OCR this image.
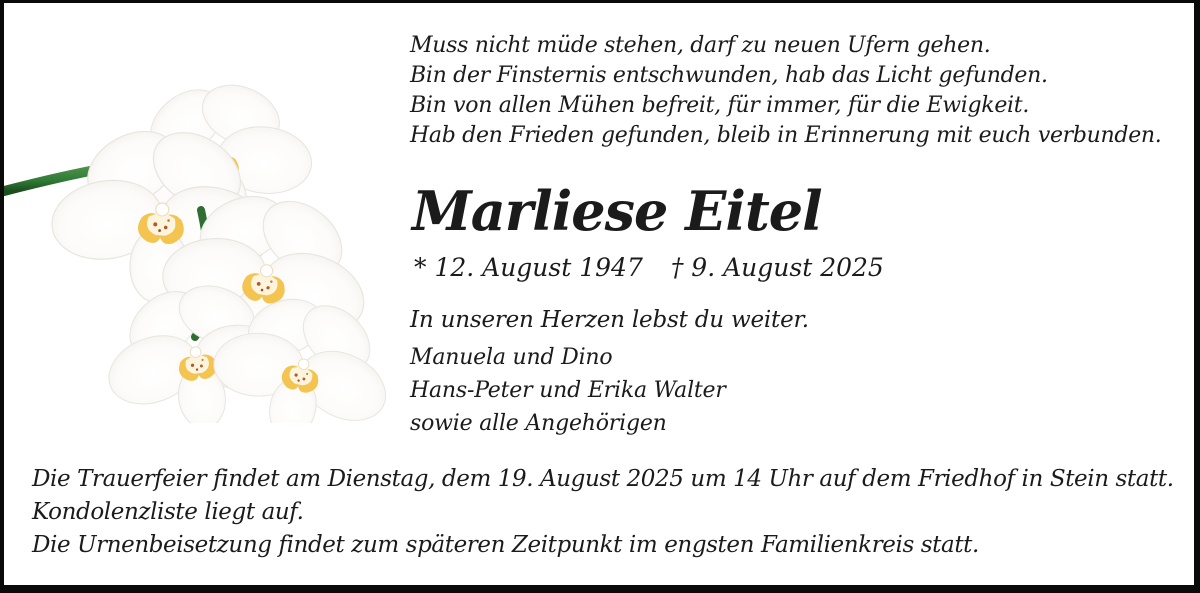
Muss nicht müde stehen, darf zu neuen Ufern gehen.
Bin der Finsternis entschwunden, hab das Licht gefunden.
Bin von allen Mühen befreit, für immer, für die Ewigkeit.
Hab den Frieden gefunden, bleib in Erinnerung mit euch verbunden.
Marliese Eitel
* 12. August 1947 † 9. August 2025
In unseren Herzen lebst du weiter.
Manuela und Dino
Hans-Peter und Erika Walter
sowie alle Angehörigen
Die Trauerfeier findet am Dienstag, dem 19. August 2025 um 14 Uhr auf dem Friedhof in Stein statt.
Kondolenzliste liegt auf.
Die Urnenbeisetzung findet zum späteren Zeitpunkt im engsten Familienkreis statt.
